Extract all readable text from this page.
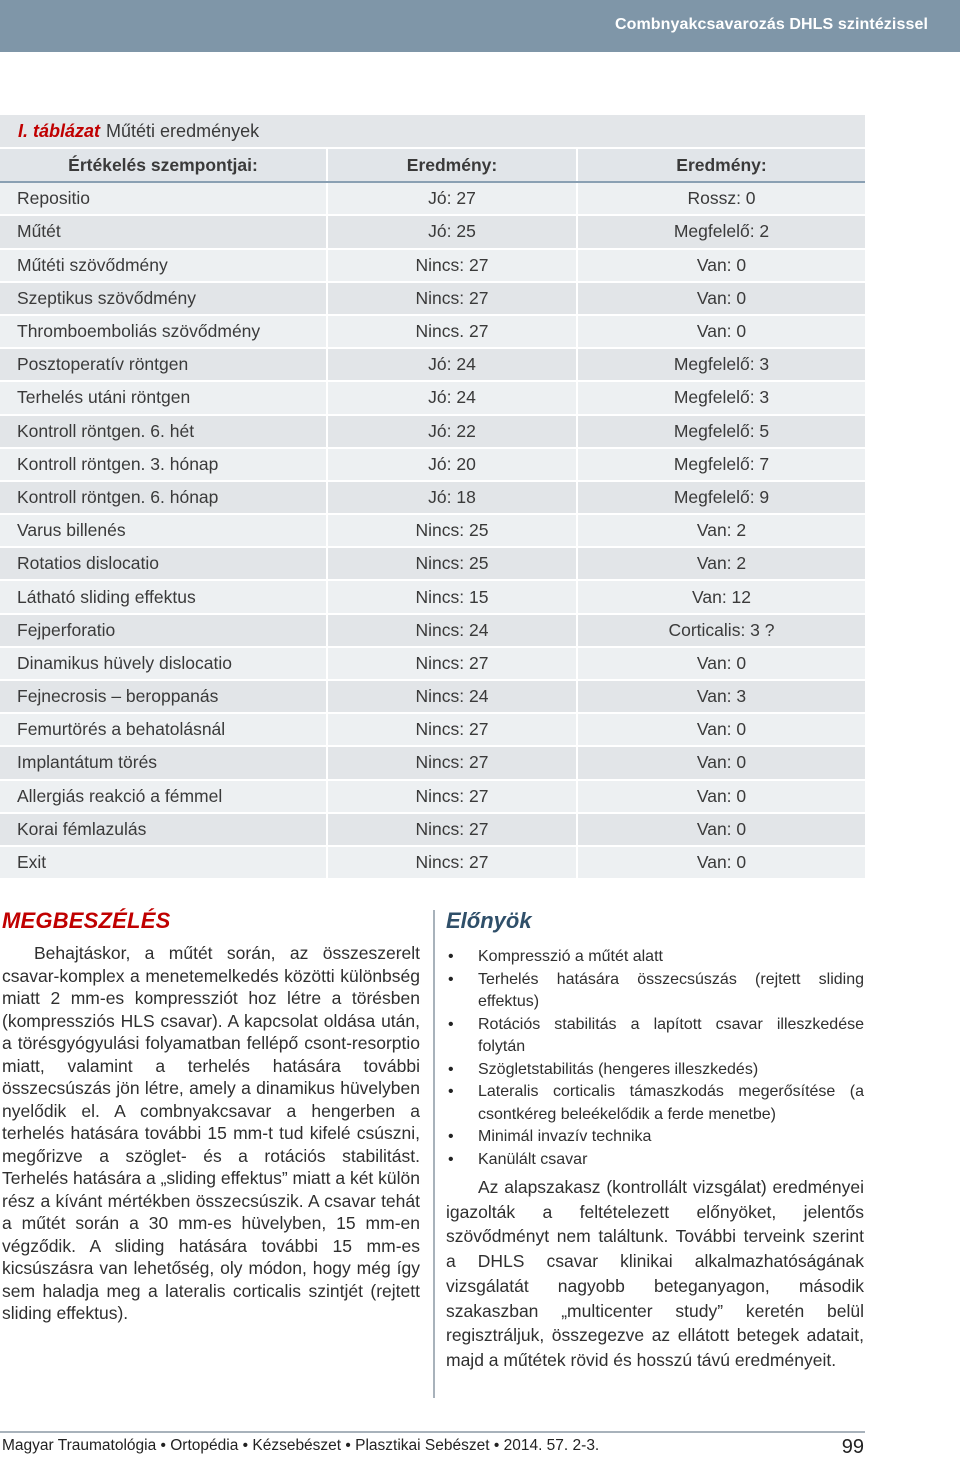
Combnyakcsavarozás DHLS szintézissel
I. táblázat Műtéti eredmények
Értékelés szempontjai:	Eredmény:	Eredmény:
Repositio	Jó: 27	Rossz: 0
Műtét	Jó: 25	Megfelelő: 2
Műtéti szövődmény	Nincs: 27	Van: 0
Szeptikus szövődmény	Nincs: 27	Van: 0
Thromboemboliás szövődmény	Nincs. 27	Van: 0
Posztoperatív röntgen	Jó: 24	Megfelelő: 3
Terhelés utáni röntgen	Jó: 24	Megfelelő: 3
Kontroll röntgen. 6. hét	Jó: 22	Megfelelő: 5
Kontroll röntgen. 3. hónap	Jó: 20	Megfelelő: 7
Kontroll röntgen. 6. hónap	Jó: 18	Megfelelő: 9
Varus billenés	Nincs: 25	Van: 2
Rotatios dislocatio	Nincs: 25	Van: 2
Látható sliding effektus	Nincs: 15	Van: 12
Fejperforatio	Nincs: 24	Corticalis: 3 ?
Dinamikus hüvely dislocatio	Nincs: 27	Van: 0
Fejnecrosis – beroppanás	Nincs: 24	Van: 3
Femurtörés a behatolásnál	Nincs: 27	Van: 0
Implantátum törés	Nincs: 27	Van: 0
Allergiás reakció a fémmel	Nincs: 27	Van: 0
Korai fémlazulás	Nincs: 27	Van: 0
Exit	Nincs: 27	Van: 0
MEGBESZÉLÉS

Behajtáskor, a műtét során, az összeszerelt csavar-komplex a menetemelkedés közötti különbség miatt 2 mm-es kompressziót hoz létre a törésben (kompressziós HLS csavar). A kapcsolat oldása után, a törésgyógyulási folyamatban fellépő csont-resorptio miatt, valamint a terhelés hatására további összecsúszás jön létre, amely a dinamikus hüvelyben nyelődik el. A combnyakcsavar a hengerben a terhelés hatására további 15 mm-t tud kifelé csúszni, megőrizve a szöglet- és a rotációs stabilitást. Terhelés hatására a „sliding effektus” miatt a két külön rész a kívánt mértékben összecsúszik. A csavar tehát a műtét során a 30 mm-es hüvelyben, 15 mm-en végződik. A sliding hatására további 15 mm-es kicsúszásra van lehetőség, oly módon, hogy még így sem haladja meg a lateralis corticalis szintjét (rejtett sliding effektus).

Előnyök
• Kompresszió a műtét alatt
• Terhelés hatására összecsúszás (rejtett sliding effektus)
• Rotációs stabilitás a lapított csavar illeszkedése folytán
• Szögletstabilitás (hengeres illeszkedés)
• Lateralis corticalis támaszkodás megerősítése (a csontkéreg beleékelődik a ferde menetbe)
• Minimál invazív technika
• Kanülált csavar

Az alapszakasz (kontrollált vizsgálat) eredményei igazolták a feltételezett előnyöket, jelentős szövődményt nem találtunk. További terveink szerint a DHLS csavar klinikai alkalmazhatóságának vizsgálatát nagyobb beteganyagon, második szakaszban „multicenter study” keretén belül regisztráljuk, összegezve az ellátott betegek adatait, majd a műtétek rövid és hosszú távú eredményeit.

Magyar Traumatológia • Ortopédia • Kézsebészet • Plasztikai Sebészet • 2014. 57. 2-3.	99
